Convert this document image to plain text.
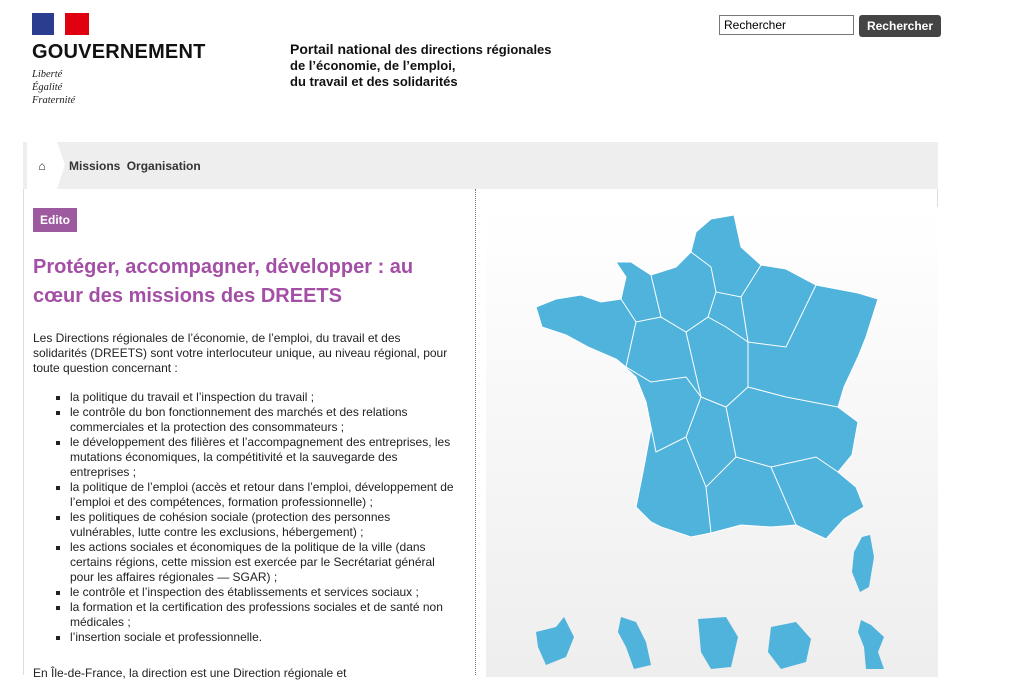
GOUVERNEMENT
Liberté
Égalité
Fraternité
Portail national des directions régionales
de l’économie, de l’emploi,
du travail et des solidarités
Rechercher
Rechercher
⌂ Missions Organisation
Edito
Protéger, accompagner, développer : au cœur des missions des DREETS
Les Directions régionales de l’économie, de l’emploi, du travail et des solidarités (DREETS) sont votre interlocuteur unique, au niveau régional, pour toute question concernant :
▪ la politique du travail et l’inspection du travail ;
▪ le contrôle du bon fonctionnement des marchés et des relations commerciales et la protection des consommateurs ;
▪ le développement des filières et l’accompagnement des entreprises, les mutations économiques, la compétitivité et la sauvegarde des entreprises ;
▪ la politique de l’emploi (accès et retour dans l’emploi, développement de l’emploi et des compétences, formation professionnelle) ;
▪ les politiques de cohésion sociale (protection des personnes vulnérables, lutte contre les exclusions, hébergement) ;
▪ les actions sociales et économiques de la politique de la ville (dans certains régions, cette mission est exercée par le Secrétariat général pour les affaires régionales — SGAR) ;
▪ le contrôle et l’inspection des établissements et services sociaux ;
▪ la formation et la certification des professions sociales et de santé non médicales ;
▪ l’insertion sociale et professionnelle.
En Île-de-France, la direction est une Direction régionale et
